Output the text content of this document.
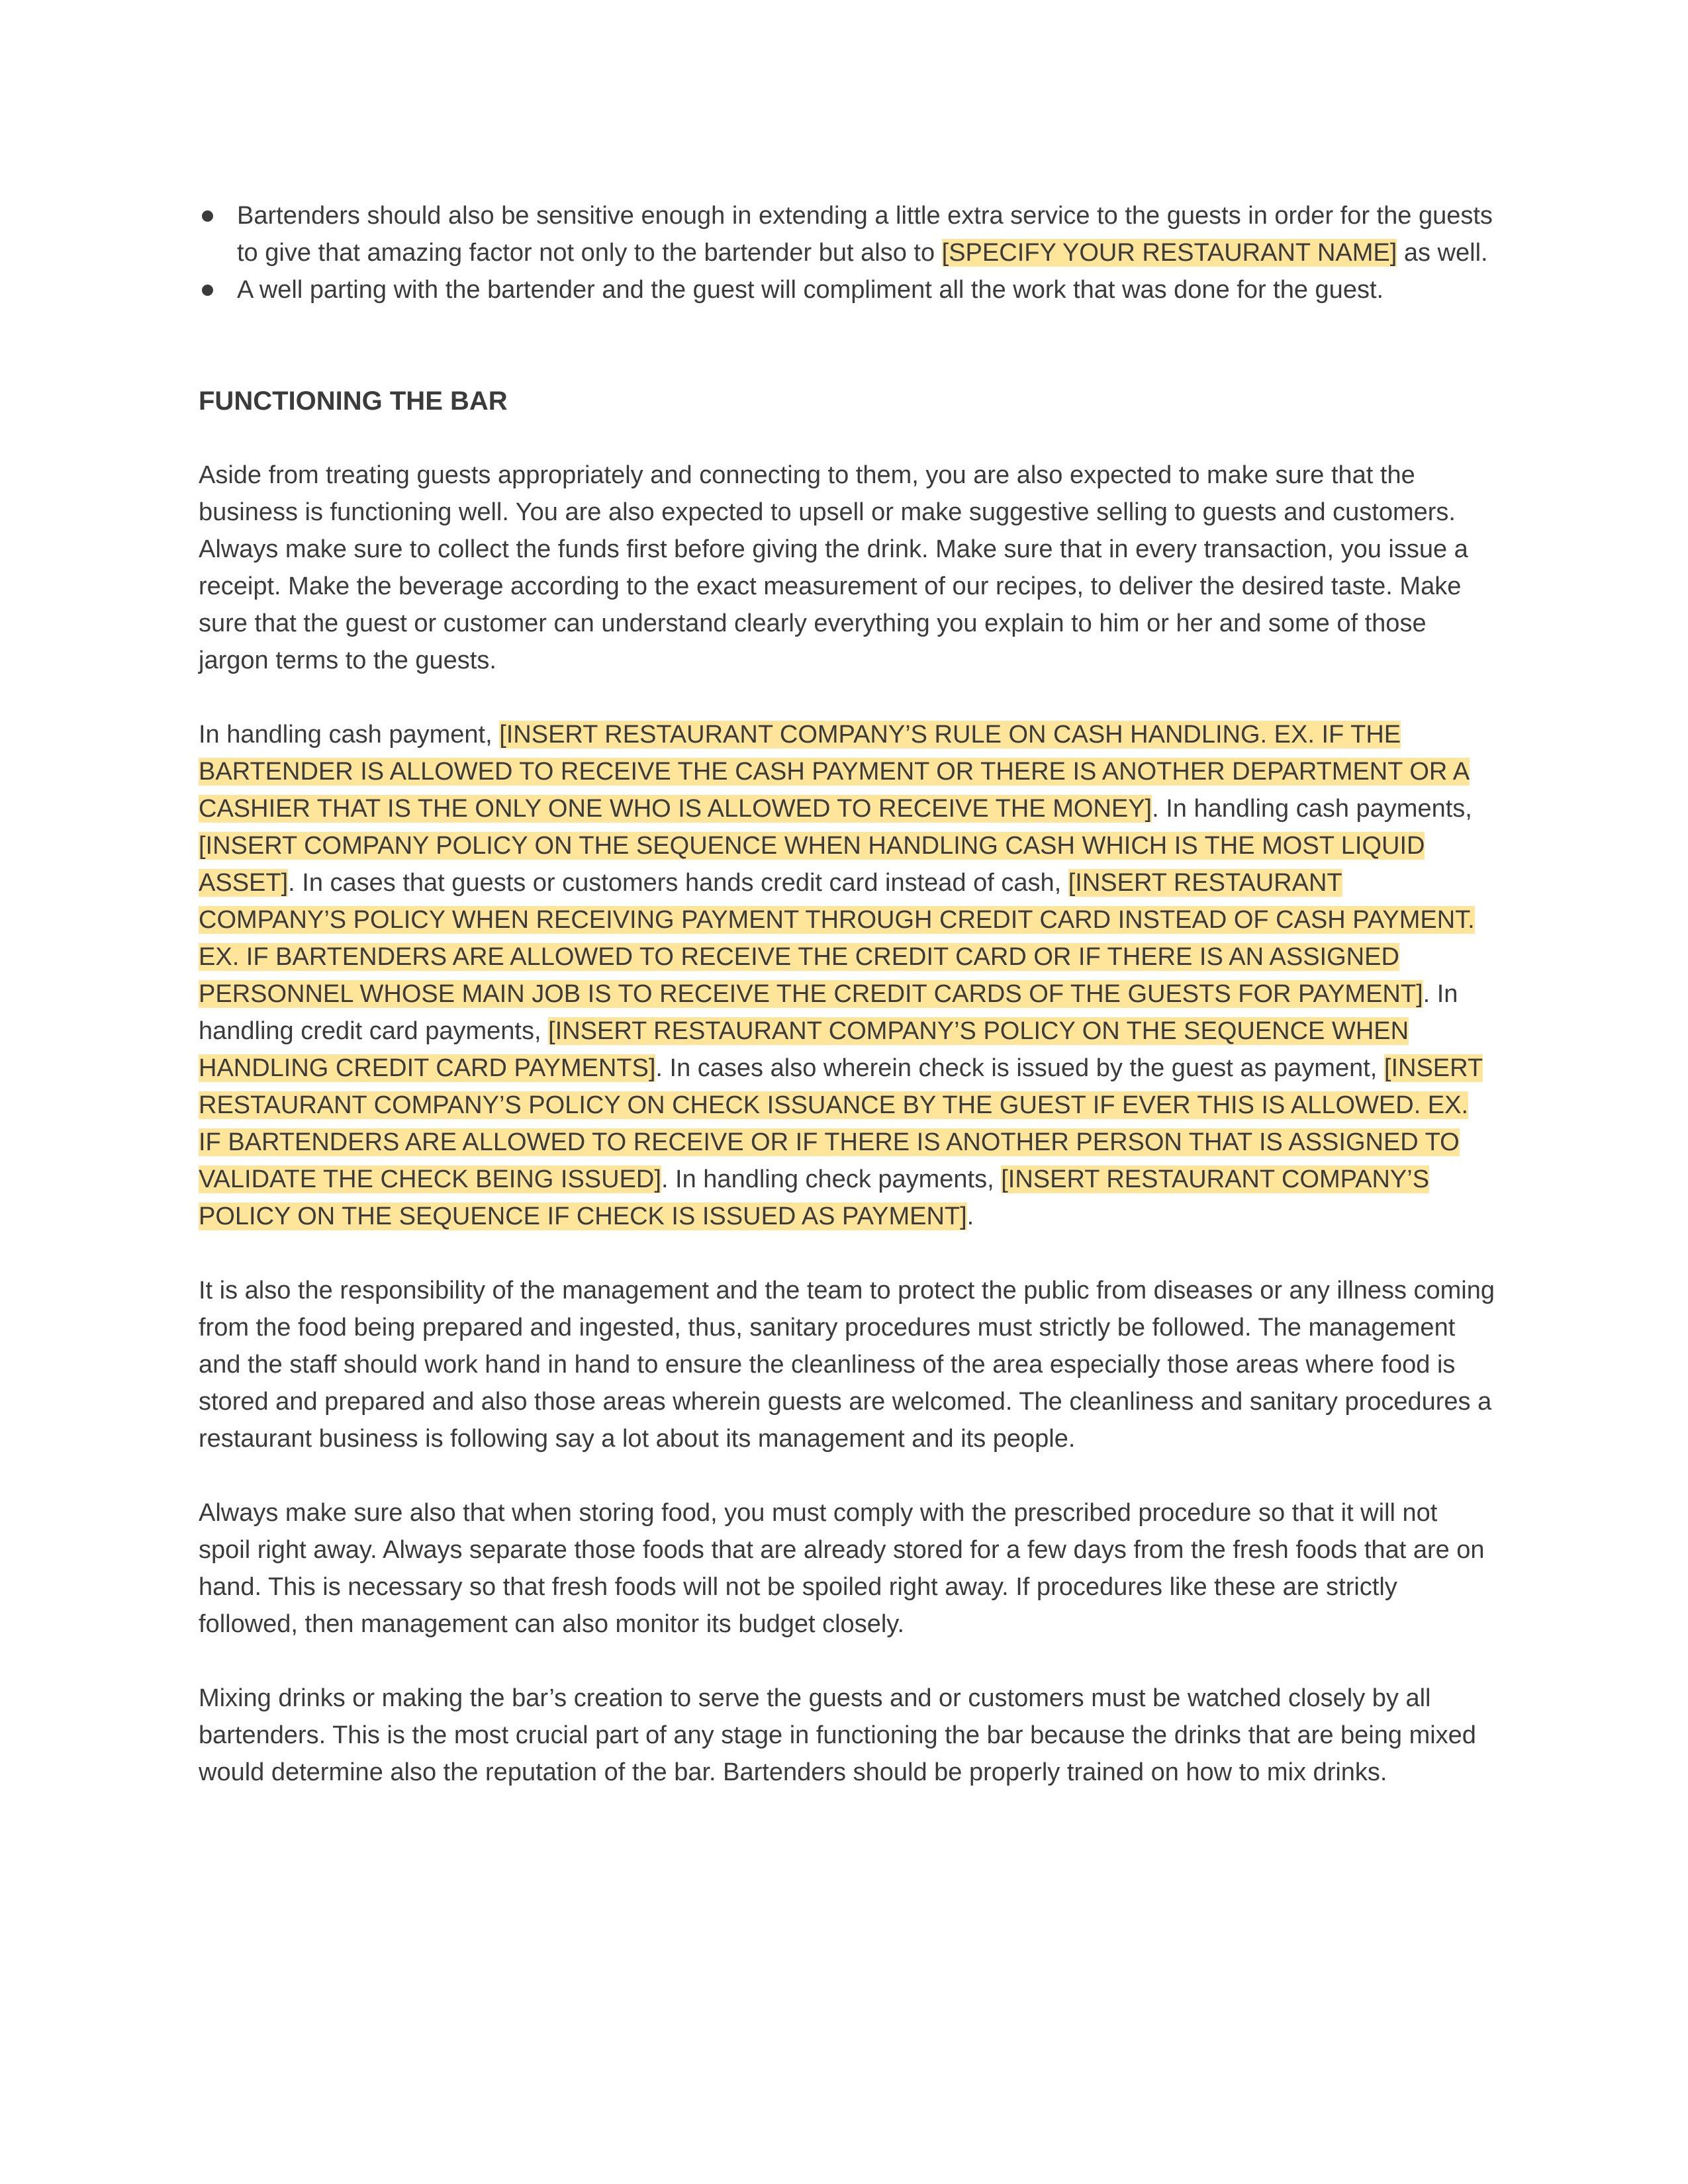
Bartenders should also be sensitive enough in extending a little extra service to the guests in order for the guests to give that amazing factor not only to the bartender but also to [SPECIFY YOUR RESTAURANT NAME] as well.
A well parting with the bartender and the guest will compliment all the work that was done for the guest.

FUNCTIONING THE BAR

Aside from treating guests appropriately and connecting to them, you are also expected to make sure that the business is functioning well. You are also expected to upsell or make suggestive selling to guests and customers. Always make sure to collect the funds first before giving the drink. Make sure that in every transaction, you issue a receipt. Make the beverage according to the exact measurement of our recipes, to deliver the desired taste. Make sure that the guest or customer can understand clearly everything you explain to him or her and some of those jargon terms to the guests.

In handling cash payment, [INSERT RESTAURANT COMPANY’S RULE ON CASH HANDLING. EX. IF THE BARTENDER IS ALLOWED TO RECEIVE THE CASH PAYMENT OR THERE IS ANOTHER DEPARTMENT OR A CASHIER THAT IS THE ONLY ONE WHO IS ALLOWED TO RECEIVE THE MONEY]. In handling cash payments, [INSERT COMPANY POLICY ON THE SEQUENCE WHEN HANDLING CASH WHICH IS THE MOST LIQUID ASSET]. In cases that guests or customers hands credit card instead of cash, [INSERT RESTAURANT COMPANY’S POLICY WHEN RECEIVING PAYMENT THROUGH CREDIT CARD INSTEAD OF CASH PAYMENT. EX. IF BARTENDERS ARE ALLOWED TO RECEIVE THE CREDIT CARD OR IF THERE IS AN ASSIGNED PERSONNEL WHOSE MAIN JOB IS TO RECEIVE THE CREDIT CARDS OF THE GUESTS FOR PAYMENT]. In handling credit card payments, [INSERT RESTAURANT COMPANY’S POLICY ON THE SEQUENCE WHEN HANDLING CREDIT CARD PAYMENTS]. In cases also wherein check is issued by the guest as payment, [INSERT RESTAURANT COMPANY’S POLICY ON CHECK ISSUANCE BY THE GUEST IF EVER THIS IS ALLOWED. EX. IF BARTENDERS ARE ALLOWED TO RECEIVE OR IF THERE IS ANOTHER PERSON THAT IS ASSIGNED TO VALIDATE THE CHECK BEING ISSUED]. In handling check payments, [INSERT RESTAURANT COMPANY’S POLICY ON THE SEQUENCE IF CHECK IS ISSUED AS PAYMENT].

It is also the responsibility of the management and the team to protect the public from diseases or any illness coming from the food being prepared and ingested, thus, sanitary procedures must strictly be followed. The management and the staff should work hand in hand to ensure the cleanliness of the area especially those areas where food is stored and prepared and also those areas wherein guests are welcomed. The cleanliness and sanitary procedures a restaurant business is following say a lot about its management and its people.

Always make sure also that when storing food, you must comply with the prescribed procedure so that it will not spoil right away. Always separate those foods that are already stored for a few days from the fresh foods that are on hand. This is necessary so that fresh foods will not be spoiled right away. If procedures like these are strictly followed, then management can also monitor its budget closely.

Mixing drinks or making the bar’s creation to serve the guests and or customers must be watched closely by all bartenders. This is the most crucial part of any stage in functioning the bar because the drinks that are being mixed would determine also the reputation of the bar. Bartenders should be properly trained on how to mix drinks.
